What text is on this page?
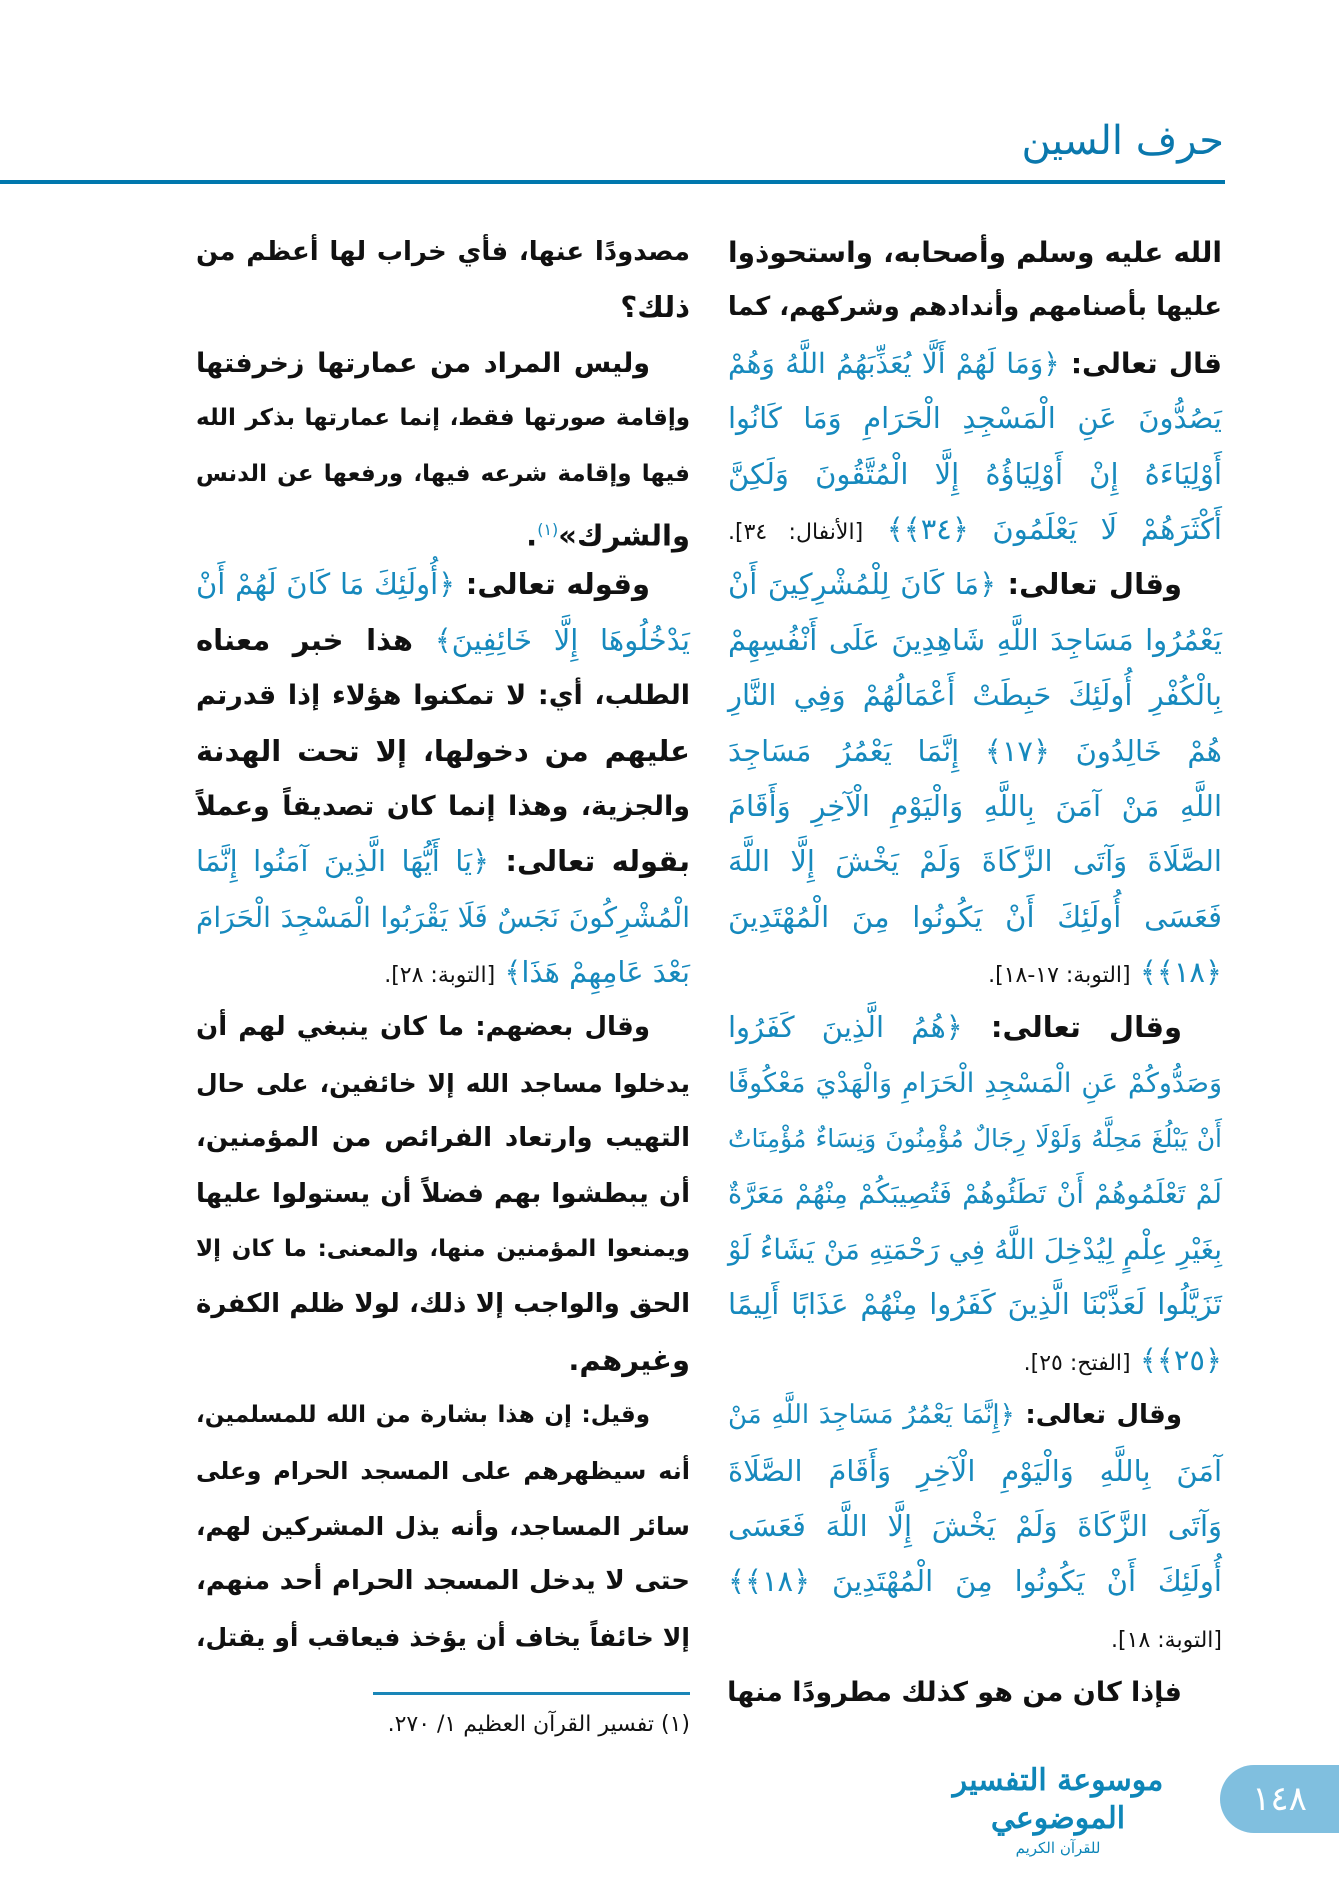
حرف السين
الله عليه وسلم وأصحابه، واستحوذوا
عليها بأصنامهم وأندادهم وشركهم، كما
قال تعالى: ﴿وَمَا لَهُمْ أَلَّا يُعَذِّبَهُمُ اللَّهُ وَهُمْ
يَصُدُّونَ عَنِ الْمَسْجِدِ الْحَرَامِ وَمَا كَانُوا
أَوْلِيَاءَهُ إِنْ أَوْلِيَاؤُهُ إِلَّا الْمُتَّقُونَ وَلَكِنَّ
أَكْثَرَهُمْ لَا يَعْلَمُونَ ﴿٣٤﴾﴾ [الأنفال: ٣٤].
وقال تعالى: ﴿مَا كَانَ لِلْمُشْرِكِينَ أَنْ
يَعْمُرُوا مَسَاجِدَ اللَّهِ شَاهِدِينَ عَلَى أَنْفُسِهِمْ
بِالْكُفْرِ أُولَئِكَ حَبِطَتْ أَعْمَالُهُمْ وَفِي النَّارِ
هُمْ خَالِدُونَ ﴿١٧﴾ إِنَّمَا يَعْمُرُ مَسَاجِدَ
اللَّهِ مَنْ آمَنَ بِاللَّهِ وَالْيَوْمِ الْآخِرِ وَأَقَامَ
الصَّلَاةَ وَآتَى الزَّكَاةَ وَلَمْ يَخْشَ إِلَّا اللَّهَ
فَعَسَى أُولَئِكَ أَنْ يَكُونُوا مِنَ الْمُهْتَدِينَ
﴿١٨﴾﴾ [التوبة: ١٧-١٨].
وقال تعالى: ﴿هُمُ الَّذِينَ كَفَرُوا
وَصَدُّوكُمْ عَنِ الْمَسْجِدِ الْحَرَامِ وَالْهَدْيَ مَعْكُوفًا
أَنْ يَبْلُغَ مَحِلَّهُ وَلَوْلَا رِجَالٌ مُؤْمِنُونَ وَنِسَاءٌ مُؤْمِنَاتٌ
لَمْ تَعْلَمُوهُمْ أَنْ تَطَئُوهُمْ فَتُصِيبَكُمْ مِنْهُمْ مَعَرَّةٌ
بِغَيْرِ عِلْمٍ لِيُدْخِلَ اللَّهُ فِي رَحْمَتِهِ مَنْ يَشَاءُ لَوْ
تَزَيَّلُوا لَعَذَّبْنَا الَّذِينَ كَفَرُوا مِنْهُمْ عَذَابًا أَلِيمًا
﴿٢٥﴾﴾ [الفتح: ٢٥].
وقال تعالى: ﴿إِنَّمَا يَعْمُرُ مَسَاجِدَ اللَّهِ مَنْ
آمَنَ بِاللَّهِ وَالْيَوْمِ الْآخِرِ وَأَقَامَ الصَّلَاةَ
وَآتَى الزَّكَاةَ وَلَمْ يَخْشَ إِلَّا اللَّهَ فَعَسَى
أُولَئِكَ أَنْ يَكُونُوا مِنَ الْمُهْتَدِينَ ﴿١٨﴾﴾
[التوبة: ١٨].
فإذا كان من هو كذلك مطرودًا منها
مصدودًا عنها، فأي خراب لها أعظم من
ذلك؟
وليس المراد من عمارتها زخرفتها
وإقامة صورتها فقط، إنما عمارتها بذكر الله
فيها وإقامة شرعه فيها، ورفعها عن الدنس
والشرك»$^{(١)}$.
وقوله تعالى: ﴿أُولَئِكَ مَا كَانَ لَهُمْ أَنْ
يَدْخُلُوهَا إِلَّا خَائِفِينَ﴾ هذا خبر معناه
الطلب، أي: لا تمكنوا هؤلاء إذا قدرتم
عليهم من دخولها، إلا تحت الهدنة
والجزية، وهذا إنما كان تصديقاً وعملاً
بقوله تعالى: ﴿يَا أَيُّهَا الَّذِينَ آمَنُوا إِنَّمَا
الْمُشْرِكُونَ نَجَسٌ فَلَا يَقْرَبُوا الْمَسْجِدَ الْحَرَامَ
بَعْدَ عَامِهِمْ هَذَا﴾ [التوبة: ٢٨].
وقال بعضهم: ما كان ينبغي لهم أن
يدخلوا مساجد الله إلا خائفين، على حال
التهيب وارتعاد الفرائص من المؤمنين،
أن يبطشوا بهم فضلاً أن يستولوا عليها
ويمنعوا المؤمنين منها، والمعنى: ما كان إلا
الحق والواجب إلا ذلك، لولا ظلم الكفرة
وغيرهم.
وقيل: إن هذا بشارة من الله للمسلمين،
أنه سيظهرهم على المسجد الحرام وعلى
سائر المساجد، وأنه يذل المشركين لهم،
حتى لا يدخل المسجد الحرام أحد منهم،
إلا خائفاً يخاف أن يؤخذ فيعاقب أو يقتل،
(١) تفسير القرآن العظيم ١/ ٢٧٠.
موسوعة التفسير الموضوعي
للقرآن الكريم
١٤٨
